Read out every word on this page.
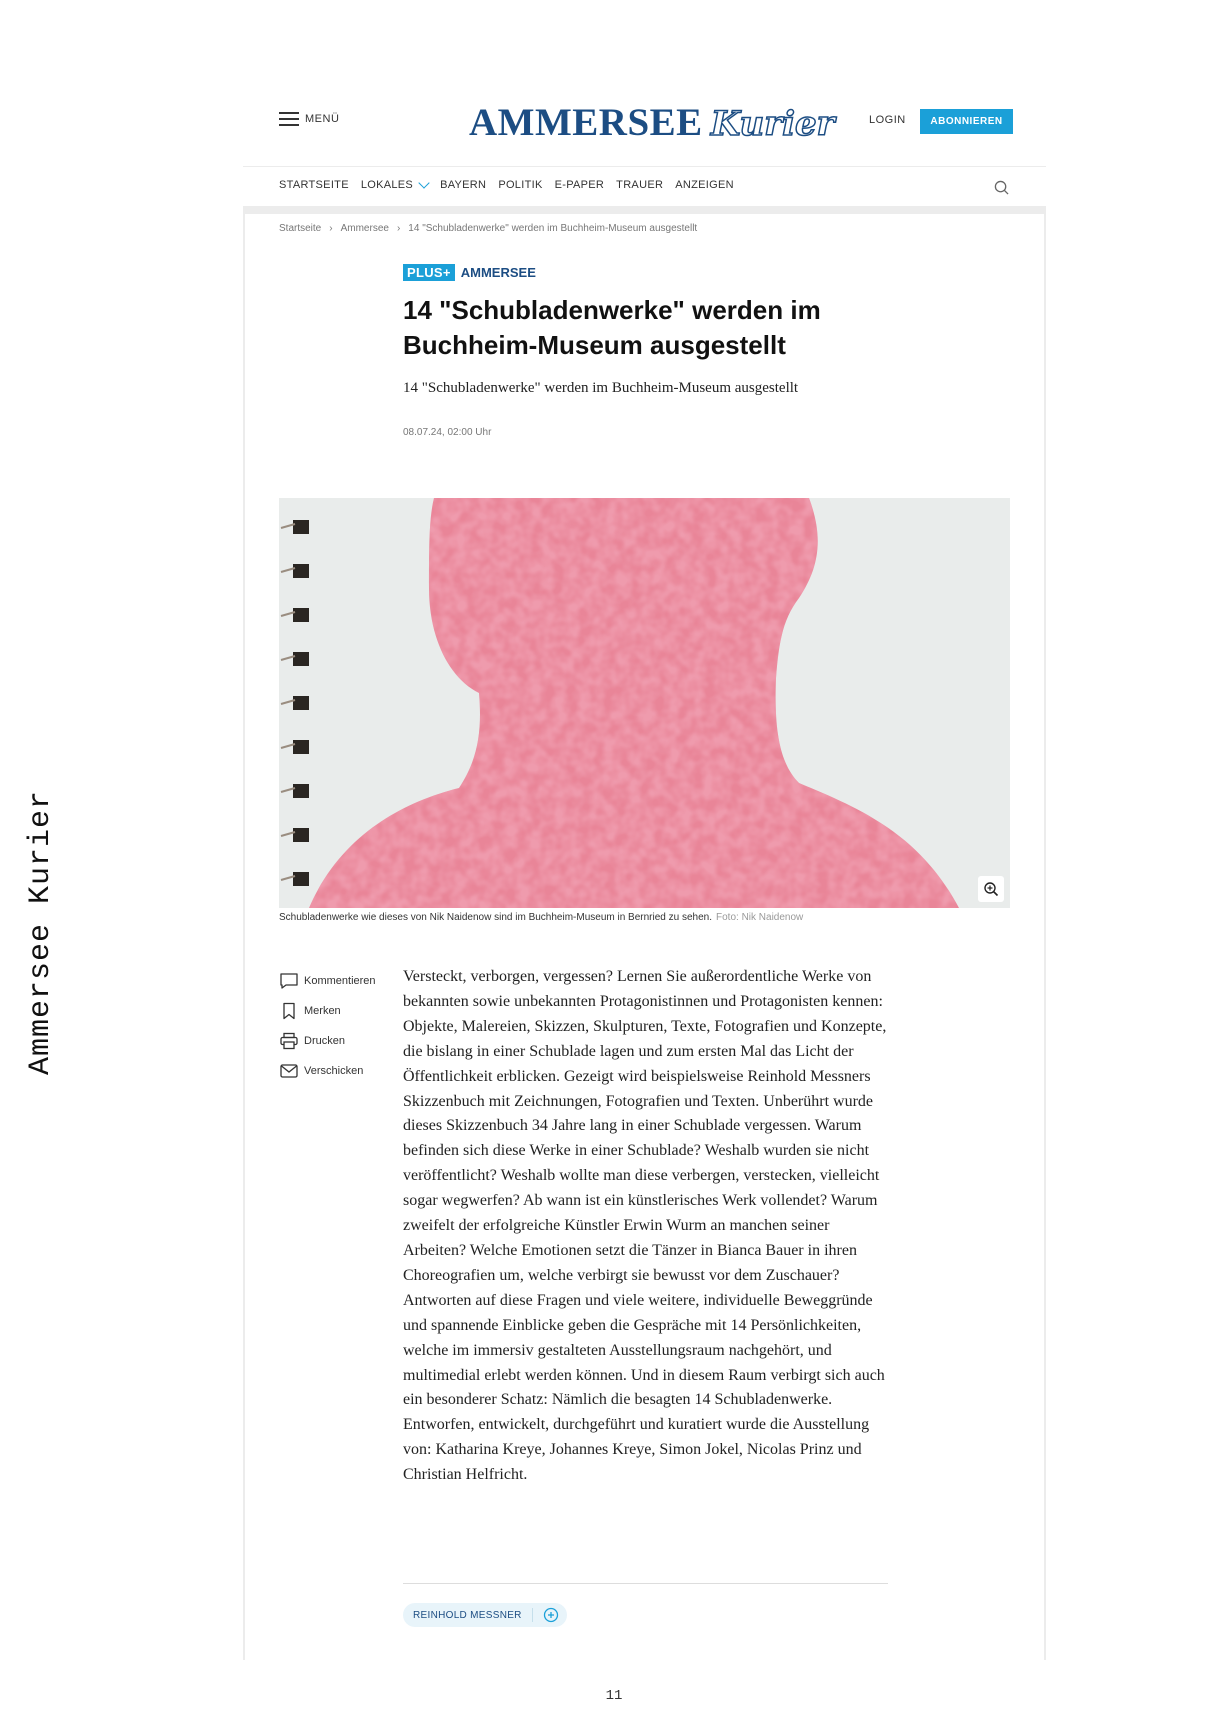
Ammersee Kurier
MENÜ	AMMERSEE Kurier	LOGIN	ABONNIEREN
STARTSEITE LOKALES BAYERN POLITIK E-PAPER TRAUER ANZEIGEN
Startseite › Ammersee › 14 "Schubladenwerke" werden im Buchheim-Museum ausgestellt
PLUS+ AMMERSEE
14 "Schubladenwerke" werden im Buchheim-Museum ausgestellt

14 "Schubladenwerke" werden im Buchheim-Museum ausgestellt

08.07.24, 02:00 Uhr

Schubladenwerke wie dieses von Nik Naidenow sind im Buchheim-Museum in Bernried zu sehen. Foto: Nik Naidenow

Kommentieren
Merken
Drucken
Verschicken
Versteckt, verborgen, vergessen? Lernen Sie außerordentliche Werke von bekannten sowie unbekannten Protagonistinnen und Protagonisten kennen: Objekte, Malereien, Skizzen, Skulpturen, Texte, Fotografien und Konzepte, die bislang in einer Schublade lagen und zum ersten Mal das Licht der Öffentlichkeit erblicken. Gezeigt wird beispielsweise Reinhold Messners Skizzenbuch mit Zeichnungen, Fotografien und Texten. Unberührt wurde dieses Skizzenbuch 34 Jahre lang in einer Schublade vergessen. Warum befinden sich diese Werke in einer Schublade? Weshalb wurden sie nicht veröffentlicht? Weshalb wollte man diese verbergen, verstecken, vielleicht sogar wegwerfen? Ab wann ist ein künstlerisches Werk vollendet? Warum zweifelt der erfolgreiche Künstler Erwin Wurm an manchen seiner Arbeiten? Welche Emotionen setzt die Tänzer in Bianca Bauer in ihren Choreografien um, welche verbirgt sie bewusst vor dem Zuschauer? Antworten auf diese Fragen und viele weitere, individuelle Beweggründe und spannende Einblicke geben die Gespräche mit 14 Persönlichkeiten, welche im immersiv gestalteten Ausstellungsraum nachgehört, und multimedial erlebt werden können. Und in diesem Raum verbirgt sich auch ein besonderer Schatz: Nämlich die besagten 14 Schubladenwerke. Entworfen, entwickelt, durchgeführt und kuratiert wurde die Ausstellung von: Katharina Kreye, Johannes Kreye, Simon Jokel, Nicolas Prinz und Christian Helfricht.
REINHOLD MESSNER
11
